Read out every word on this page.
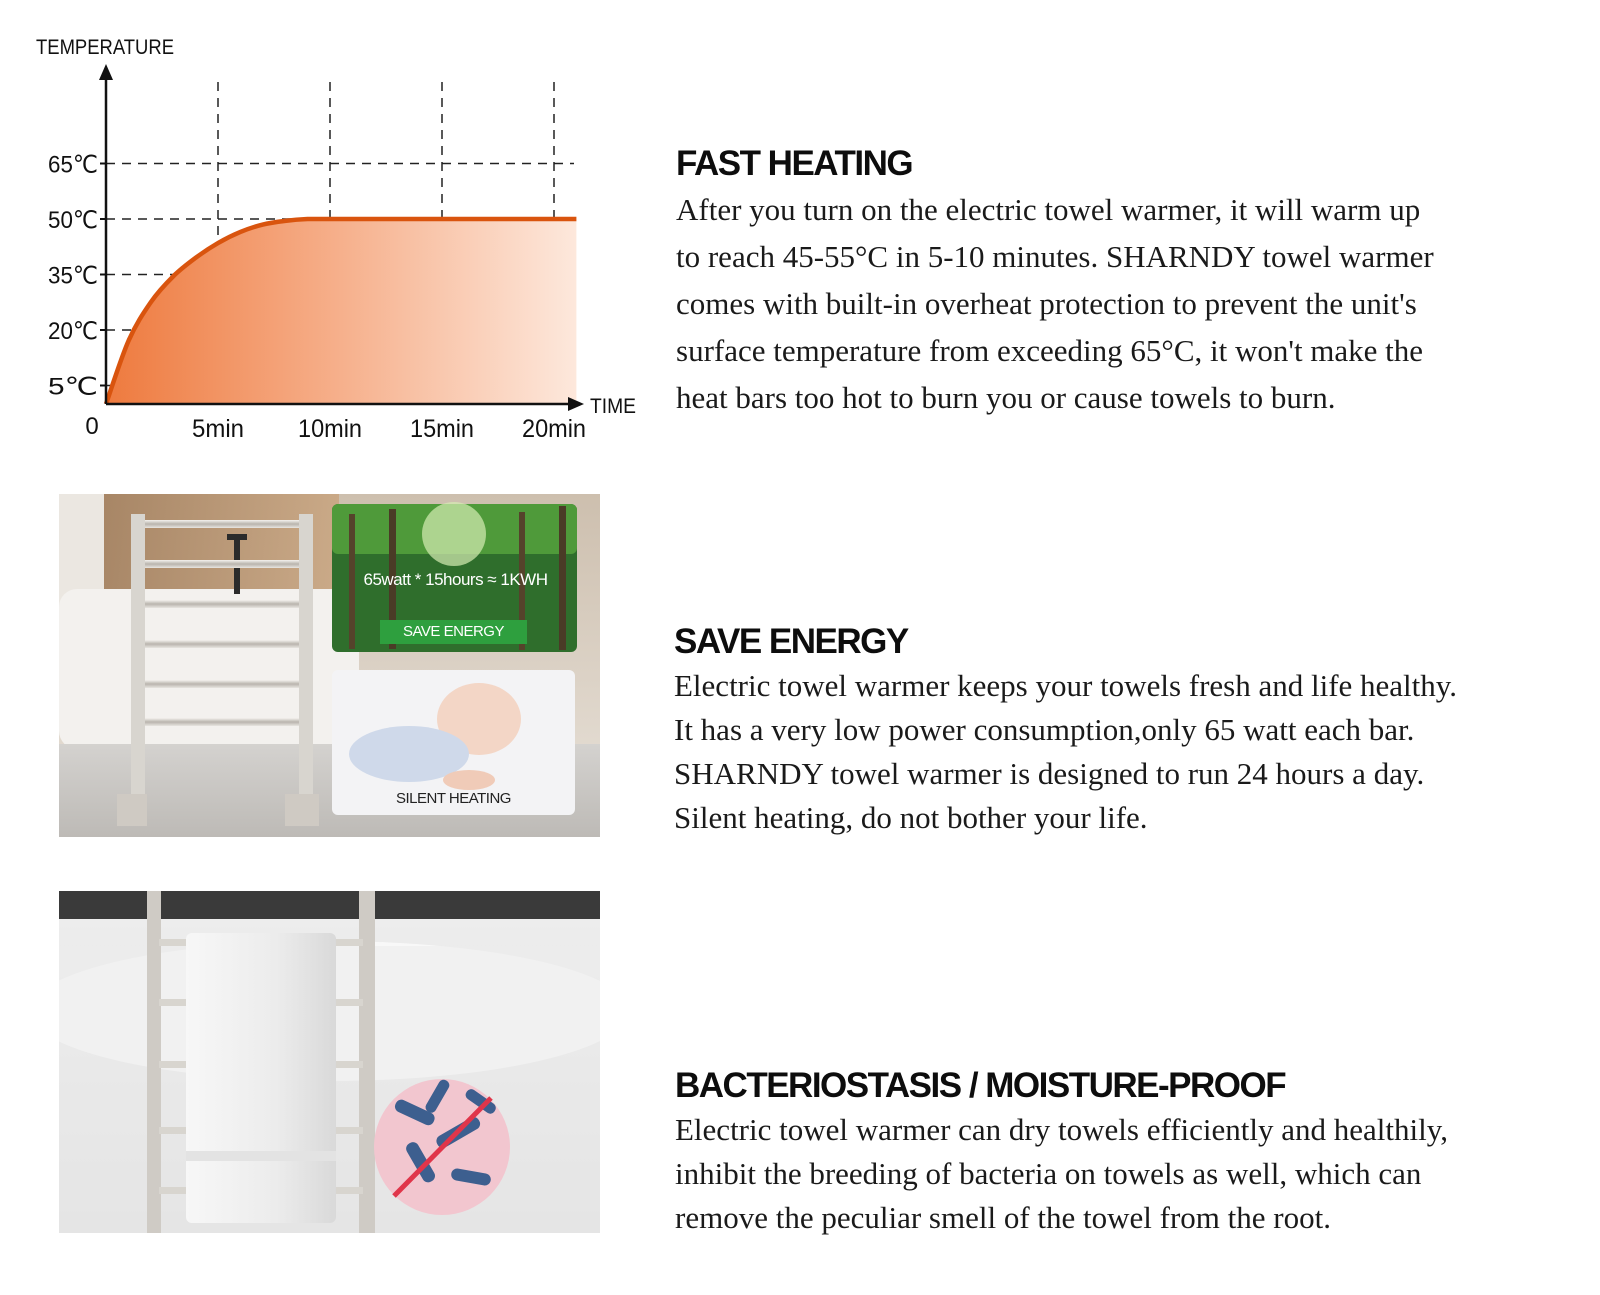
5℃
20℃
35℃
50℃
65℃
5min 10min 15min 20min
0
TEMPERATURE
TIME
FAST HEATING
After you turn on the electric towel warmer, it will warm up
to reach 45-55°C in 5-10 minutes. SHARNDY towel warmer
comes with built-in overheat protection to prevent the unit's
surface temperature from exceeding 65°C, it won't make the
heat bars too hot to burn you or cause towels to burn.
SAVE ENERGY
Electric towel warmer keeps your towels fresh and life healthy.
It has a very low power consumption,only 65 watt each bar.
SHARNDY towel warmer is designed to run 24 hours a day.
Silent heating, do not bother your life.
BACTERIOSTASIS / MOISTURE-PROOF
Electric towel warmer can dry towels efficiently and healthily,
inhibit the breeding of bacteria on towels as well, which can
remove the peculiar smell of the towel from the root.
65watt * 15hours ≈ 1KWH
SAVE ENERGY
SILENT HEATING
